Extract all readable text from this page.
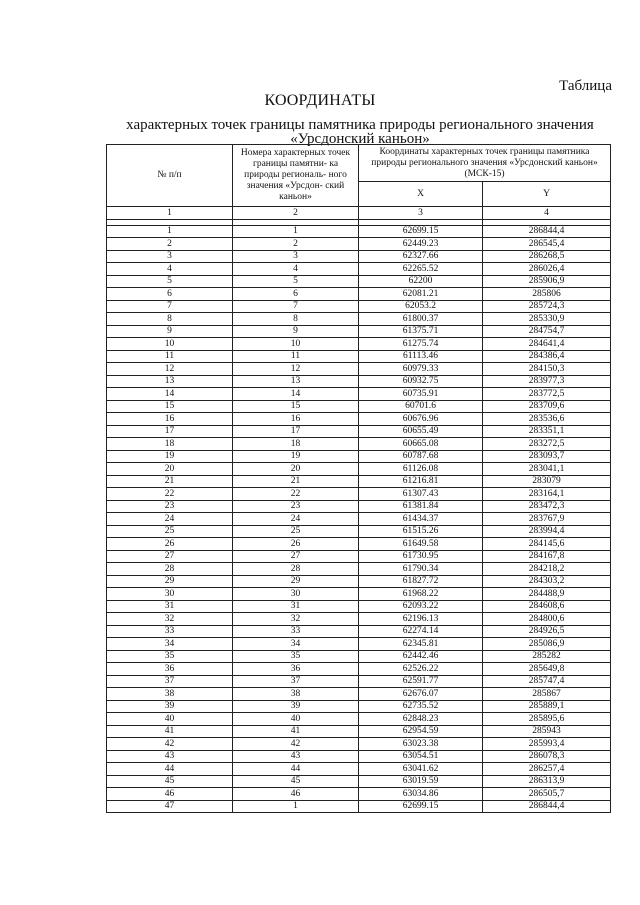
Таблица
КООРДИНАТЫ
характерных точек границы памятника природы регионального значения
«Урсдонский каньон»
№ п/п	Номера характерных точек границы памятни- ка природы региональ- ного значения «Урсдон- ский каньон»	Координаты характерных точек границы памятника природы регионального значения «Урсдонский каньон» (МСК-15)	
		X	Y
1	2	3	4

1	1	62699.15	286844,4
2	2	62449.23	286545,4
3	3	62327.66	286268,5
4	4	62265.52	286026,4
5	5	62200	285906,9
6	6	62081.21	285806
7	7	62053.2	285724,3
8	8	61800.37	285330,9
9	9	61375.71	284754,7
10	10	61275.74	284641,4
11	11	61113.46	284386,4
12	12	60979.33	284150,3
13	13	60932.75	283977,3
14	14	60735.91	283772,5
15	15	60701.6	283709,6
16	16	60676.96	283536,6
17	17	60655.49	283351,1
18	18	60665.08	283272,5
19	19	60787.68	283093,7
20	20	61126.08	283041,1
21	21	61216.81	283079
22	22	61307.43	283164,1
23	23	61381.84	283472,3
24	24	61434.37	283767,9
25	25	61515.26	283994,4
26	26	61649.58	284145,6
27	27	61730.95	284167,8
28	28	61790.34	284218,2
29	29	61827.72	284303,2
30	30	61968.22	284488,9
31	31	62093.22	284608,6
32	32	62196.13	284800,6
33	33	62274.14	284926,5
34	34	62345.81	285086,9
35	35	62442.46	285282
36	36	62526.22	285649,8
37	37	62591.77	285747,4
38	38	62676.07	285867
39	39	62735.52	285889,1
40	40	62848.23	285895,6
41	41	62954.59	285943
42	42	63023.38	285993,4
43	43	63054.51	286078,3
44	44	63041.62	286257,4
45	45	63019.59	286313,9
46	46	63034.86	286505,7
47	1	62699.15	286844,4
